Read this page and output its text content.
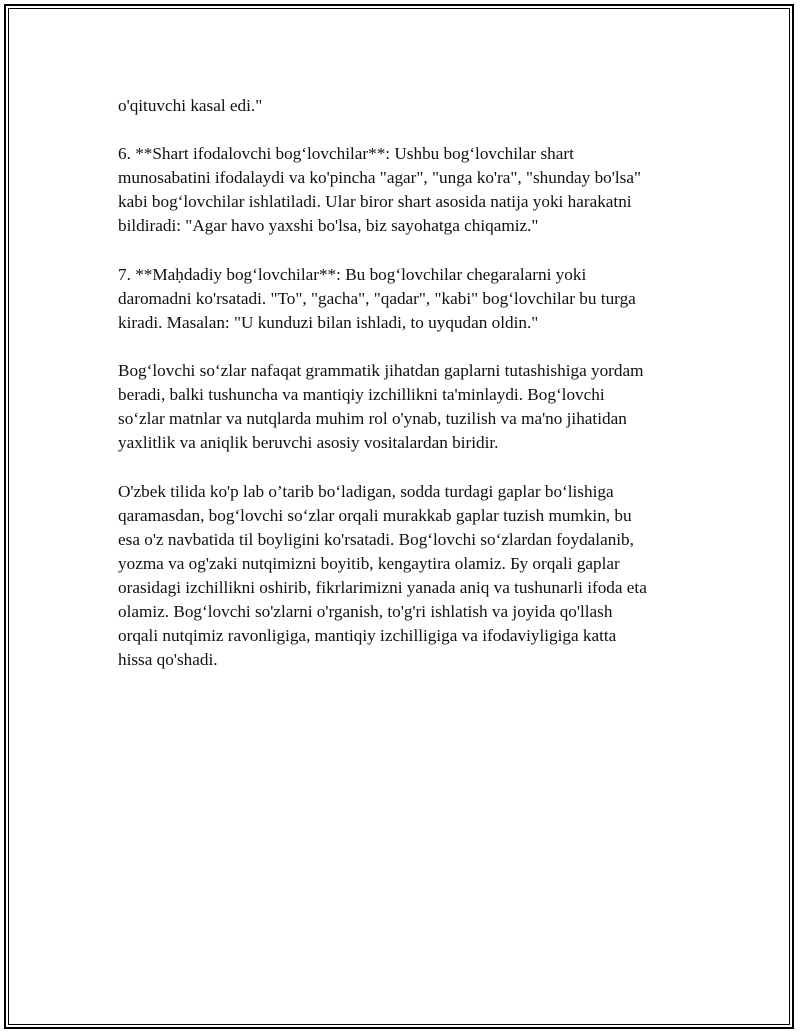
o'qituvchi kasal edi."

6. **Shart ifodalovchi bog‘lovchilar**: Ushbu bog‘lovchilar shart
munosabatini ifodalaydi va ko'pincha "agar", "unga ko'ra", "shunday bo'lsa"
kabi bog‘lovchilar ishlatiladi. Ular biror shart asosida natija yoki harakatni
bildiradi: "Agar havo yaxshi bo'lsa, biz sayohatga chiqamiz."

7. **Maḥdadiy bog‘lovchilar**: Bu bog‘lovchilar chegaralarni yoki
daromadni ko'rsatadi. "To", "gacha", "qadar", "kabi" bog‘lovchilar bu turga
kiradi. Masalan: "U kunduzi bilan ishladi, to uyqudan oldin."

Bog‘lovchi so‘zlar nafaqat grammatik jihatdan gaplarni tutashishiga yordam
beradi, balki tushuncha va mantiqiy izchillikni ta'minlaydi. Bog‘lovchi
so‘zlar matnlar va nutqlarda muhim rol o'ynab, tuzilish va ma'no jihatidan
yaxlitlik va aniqlik beruvchi asosiy vositalardan biridir.

O'zbek tilida ko'p lab o’tarib bo‘ladigan, sodda turdagi gaplar bo‘lishiga
qaramasdan, bog‘lovchi so‘zlar orqali murakkab gaplar tuzish mumkin, bu
esa o'z navbatida til boyligini ko'rsatadi. Bog‘lovchi so‘zlardan foydalanib,
yozma va og'zaki nutqimizni boyitib, kengaytira olamiz. Бу orqali gaplar
orasidagi izchillikni oshirib, fikrlarimizni yanada aniq va tushunarli ifoda eta
olamiz. Bog‘lovchi so'zlarni o'rganish, to'g'ri ishlatish va joyida qo'llash
orqali nutqimiz ravonligiga, mantiqiy izchilligiga va ifodaviyligiga katta
hissa qo'shadi.
